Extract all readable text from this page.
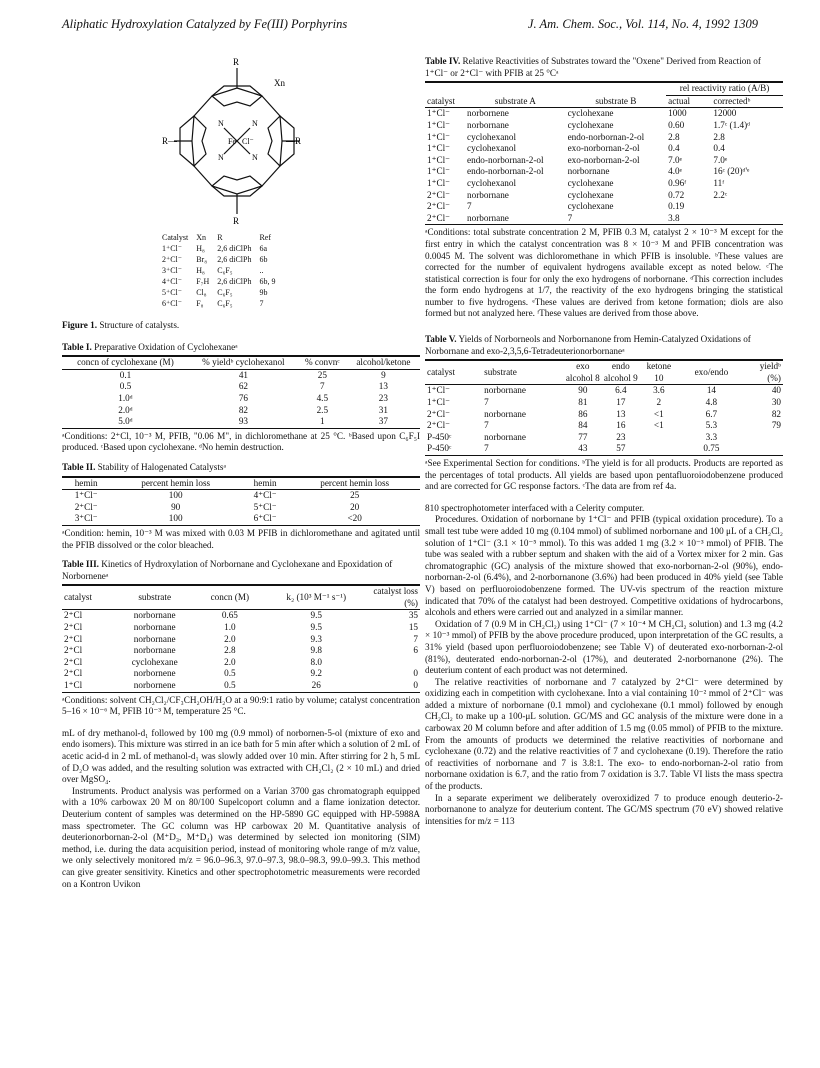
Aliphatic Hydroxylation Catalyzed by Fe(III) Porphyrins	J. Am. Chem. Soc., Vol. 114, No. 4, 1992 1309
R
R—	—R
R
Xn
N	N
N	N
Fe Cl⁻
Catalyst	Xn	R	Ref
1⁺Cl⁻	H₈	2,6 diClPh	6a
2⁺Cl⁻	Br₈	2,6 diClPh	6b
3⁺Cl⁻	H₈	C₆F₅	..
4⁺Cl⁻	F₇H	2,6 diClPh	6b, 9
5⁺Cl⁻	Cl₈	C₆F₅	9b
6⁺Cl⁻	F₈	C₆F₅	7
Figure 1. Structure of catalysts.
Table I. Preparative Oxidation of Cyclohexaneᵃ
concn of cyclohexane (M)	% yieldᵇ cyclohexanol	% convnᶜ	alcohol/ketone
0.1	41	25	9
0.5	62	7	13
1.0ᵈ	76	4.5	23
2.0ᵈ	82	2.5	31
5.0ᵈ	93	1	37
ᵃConditions: 2⁺Cl, 10⁻³ M, PFIB, "0.06 M", in dichloromethane at 25 °C. ᵇBased upon C₆F₅I produced. ᶜBased upon cyclohexane. ᵈNo hemin destruction.
Table II. Stability of Halogenated Catalystsᵃ
hemin	percent hemin loss	hemin	percent hemin loss
1⁺Cl⁻	100	4⁺Cl⁻	25
2⁺Cl⁻	90	5⁺Cl⁻	20
3⁺Cl⁻	100	6⁺Cl⁻	<20
ᵃCondition: hemin, 10⁻³ M was mixed with 0.03 M PFIB in dichloromethane and agitated until the PFIB dissolved or the color bleached.
Table III. Kinetics of Hydroxylation of Norbornane and Cyclohexane and Epoxidation of Norborneneᵃ
catalyst	substrate	concn (M)	k₂ (10³ M⁻¹ s⁻¹)	catalyst loss (%)
2⁺Cl	norbornane	0.65	9.5	35
2⁺Cl	norbornane	1.0	9.5	15
2⁺Cl	norbornane	2.0	9.3	7
2⁺Cl	norbornane	2.8	9.8	6
2⁺Cl	cyclohexane	2.0	8.0	
2⁺Cl	norbornene	0.5	9.2	0
1⁺Cl	norbornene	0.5	26	0
ᵃConditions: solvent CH₂Cl₂/CF₃CH₂OH/H₂O at a 90:9:1 ratio by volume; catalyst concentration 5–16 × 10⁻⁶ M, PFIB 10⁻³ M, temperature 25 °C.

mL of dry methanol-d₁ followed by 100 mg (0.9 mmol) of norbornen-5-ol (mixture of exo and endo isomers). This mixture was stirred in an ice bath for 5 min after which a solution of 2 mL of acetic acid-d in 2 mL of methanol-d₁ was slowly added over 10 min. After stirring for 2 h, 5 mL of D₂O was added, and the resulting solution was extracted with CH₂Cl₂ (2 × 10 mL) and dried over MgSO₄.

Instruments. Product analysis was performed on a Varian 3700 gas chromatograph equipped with a 10% carbowax 20 M on 80/100 Supelcoport column and a flame ionization detector. Deuterium content of samples was determined on the HP-5890 GC equipped with HP-5988A mass spectrometer. The GC column was HP carbowax 20 M. Quantitative analysis of deuterionorbornan-2-ol (M⁺D₃, M⁺D₄) was determined by selected ion monitoring (SIM) method, i.e. during the data acquisition period, instead of monitoring whole range of m/z value, we only selectively monitored m/z = 96.0–96.3, 97.0–97.3, 98.0–98.3, 99.0–99.3. This method can give greater sensitivity. Kinetics and other spectrophotometric measurements were recorded on a Kontron Uvikon

Table IV. Relative Reactivities of Substrates toward the "Oxene" Derived from Reaction of 1⁺Cl⁻ or 2⁺Cl⁻ with PFIB at 25 °Cᵃ
			rel reactivity ratio (A/B)	
catalyst	substrate A	substrate B	actual	correctedᵇ
1⁺Cl⁻	norbornene	cyclohexane	1000	12000
1⁺Cl⁻	norbornane	cyclohexane	0.60	1.7ᶜ (1.4)ᵈ
1⁺Cl⁻	cyclohexanol	endo-norbornan-2-ol	2.8	2.8
1⁺Cl⁻	cyclohexanol	exo-norbornan-2-ol	0.4	0.4
1⁺Cl⁻	endo-norbornan-2-ol	exo-norbornan-2-ol	7.0ᵉ	7.0ᵉ
1⁺Cl⁻	endo-norbornan-2-ol	norbornane	4.0ᵉ	16ᶜ (20)ᵈ'ᵉ
1⁺Cl⁻	cyclohexanol	cyclohexane	0.96ᶠ	11ᶠ
2⁺Cl⁻	norbornane	cyclohexane	0.72	2.2ᶜ
2⁺Cl⁻	7	cyclohexane	0.19	
2⁺Cl⁻	norbornane	7	3.8	
ᵃConditions: total substrate concentration 2 M, PFIB 0.3 M, catalyst 2 × 10⁻³ M except for the first entry in which the catalyst concentration was 8 × 10⁻³ M and PFIB concentration was 0.0045 M. The solvent was dichloromethane in which PFIB is insoluble. ᵇThese values are corrected for the number of equivalent hydrogens available except as noted below. ᶜThe statistical correction is four for only the exo hydrogens of norbornane. ᵈThis correction includes the form endo hydrogens at 1/7, the reactivity of the exo hydrogens bringing the statistical number to five hydrogens. ᵉThese values are derived from ketone formation; diols are also formed but not analyzed here. ᶠThese values are derived from those above.
Table V. Yields of Norborneols and Norbornanone from Hemin-Catalyzed Oxidations of Norbornane and exo-2,3,5,6-Tetradeuterionorbornaneᵃ
catalyst	substrate	exo alcohol 8	endo alcohol 9	ketone 10	exo/endo	yieldᵇ (%)
1⁺Cl⁻	norbornane	90	6.4	3.6	14	40
1⁺Cl⁻	7	81	17	2	4.8	30
2⁺Cl⁻	norbornane	86	13	<1	6.7	82
2⁺Cl⁻	7	84	16	<1	5.3	79
P-450ᶜ	norbornane	77	23		3.3	
P-450ᶜ	7	43	57		0.75	
ᵃSee Experimental Section for conditions. ᵇThe yield is for all products. Products are reported as the percentages of total products. All yields are based upon pentafluoroiodobenzene produced and are corrected for GC response factors. ᶜThe data are from ref 4a.

810 spectrophotometer interfaced with a Celerity computer.

Procedures. Oxidation of norbornane by 1⁺Cl⁻ and PFIB (typical oxidation procedure). To a small test tube were added 10 mg (0.104 mmol) of sublimed norbornane and 100 μL of a CH₂Cl₂ solution of 1⁺Cl⁻ (3.1 × 10⁻⁵ mmol). To this was added 1 mg (3.2 × 10⁻³ mmol) of PFIB. The tube was sealed with a rubber septum and shaken with the aid of a Vortex mixer for 2 min. Gas chromatographic (GC) analysis of the mixture showed that exo-norbornan-2-ol (90%), endo-norbornan-2-ol (6.4%), and 2-norbornanone (3.6%) had been produced in 40% yield (see Table V) based on perfluoroiodobenzene formed. The UV-vis spectrum of the reaction mixture indicated that 70% of the catalyst had been destroyed. Competitive oxidations of hydrocarbons, alcohols and ethers were carried out and analyzed in a similar manner.

Oxidation of 7 (0.9 M in CH₂Cl₂) using 1⁺Cl⁻ (7 × 10⁻⁴ M CH₂Cl₂ solution) and 1.3 mg (4.2 × 10⁻³ mmol) of PFIB by the above procedure produced, upon interpretation of the GC results, a 31% yield (based upon perfluoroiodobenzene; see Table V) of deuterated exo-norbornan-2-ol (81%), deuterated endo-norbornan-2-ol (17%), and deuterated 2-norbornanone (2%). The deuterium content of each product was not determined.

The relative reactivities of norbornane and 7 catalyzed by 2⁺Cl⁻ were determined by oxidizing each in competition with cyclohexane. Into a vial containing 10⁻² mmol of 2⁺Cl⁻ was added a mixture of norbornane (0.1 mmol) and cyclohexane (0.1 mmol) followed by enough CH₂Cl₂ to make up a 100-μL solution. GC/MS and GC analysis of the mixture were done in a carbowax 20 M column before and after addition of 1.5 mg (0.05 mmol) of PFIB to the mixture. From the amounts of products we determined the relative reactivities of norbornane and cyclohexane (0.72) and the relative reactivities of 7 and cyclohexane (0.19). Therefore the ratio of reactivities of norbornane and 7 is 3.8:1. The exo- to endo-norbornan-2-ol ratio from norbornane oxidation is 6.7, and the ratio from 7 oxidation is 3.7. Table VI lists the mass spectra of the products.

In a separate experiment we deliberately overoxidized 7 to produce enough deuterio-2-norbornanone to analyze for deuterium content. The GC/MS spectrum (70 eV) showed relative intensities for m/z = 113
